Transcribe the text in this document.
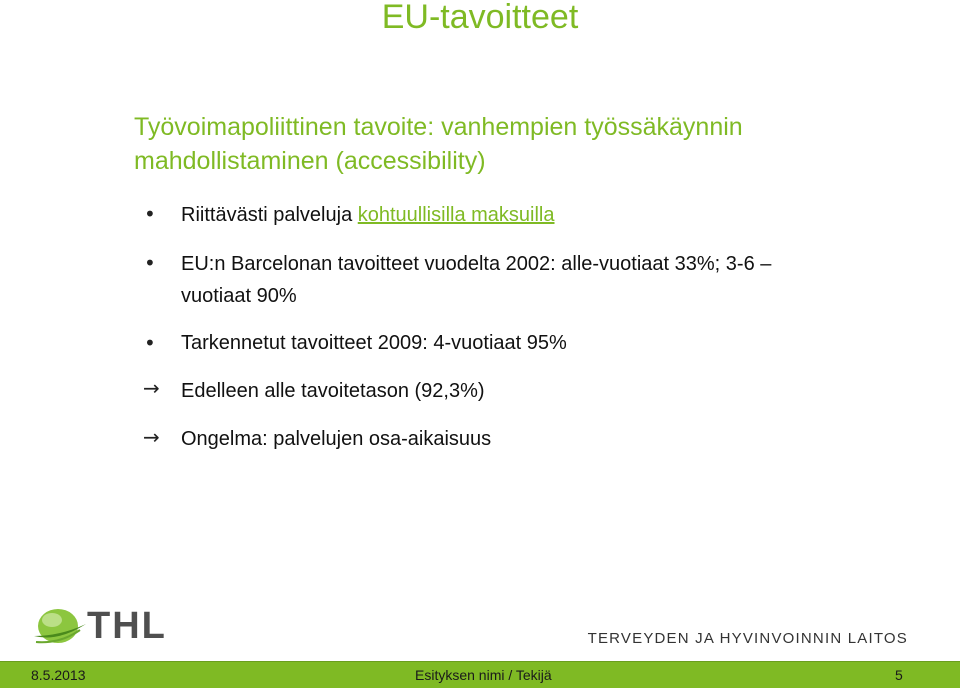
EU-tavoitteet
Työvoimapoliittinen tavoite: vanhempien työssäkäynnin
mahdollistaminen (accessibility)
• Riittävästi palveluja kohtuullisilla maksuilla
• EU:n Barcelonan tavoitteet vuodelta 2002: alle-vuotiaat 33%; 3-6 –
vuotiaat 90%
• Tarkennetut tavoitteet 2009: 4-vuotiaat 95%
→ Edelleen alle tavoitetason (92,3%)
→ Ongelma: palvelujen osa-aikaisuus
THL	TERVEYDEN JA HYVINVOINNIN LAITOS
8.5.2013	Esityksen nimi / Tekijä	5
